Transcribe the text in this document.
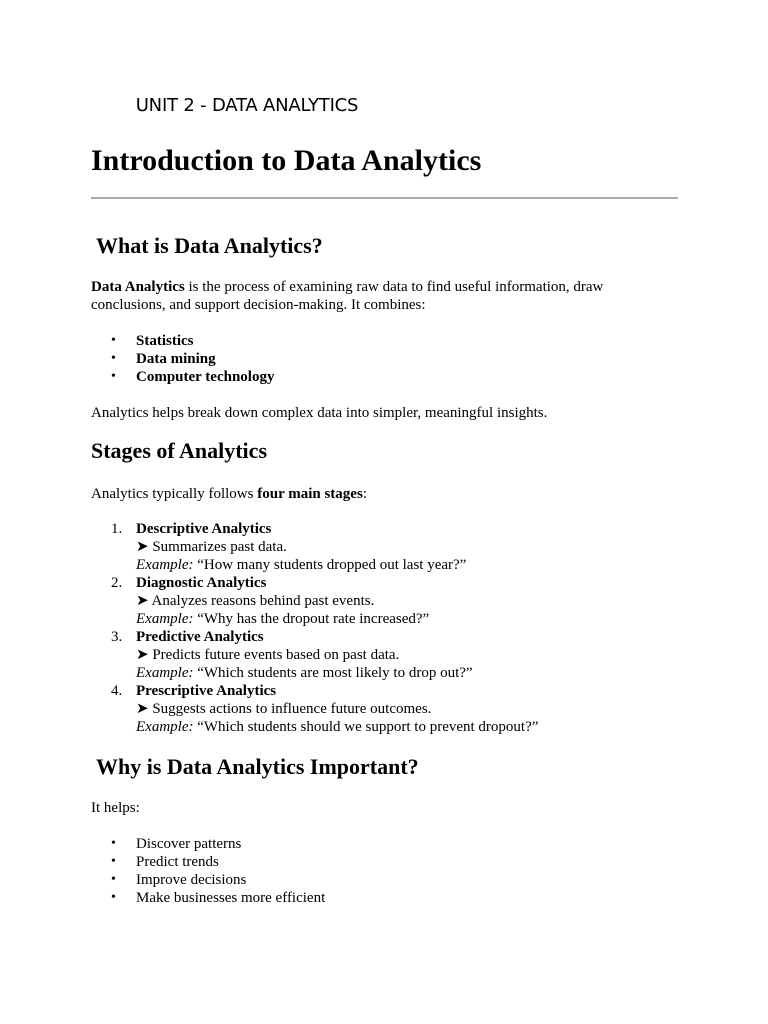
UNIT 2 - DATA ANALYTICS
Introduction to Data Analytics
What is Data Analytics?

Data Analytics is the process of examining raw data to find useful information, draw
conclusions, and support decision-making. It combines:

• Statistics
• Data mining
• Computer technology

Analytics helps break down complex data into simpler, meaningful insights.

Stages of Analytics

Analytics typically follows four main stages:

1. Descriptive Analytics
➤ Summarizes past data.
Example: “How many students dropped out last year?”
2. Diagnostic Analytics
➤ Analyzes reasons behind past events.
Example: “Why has the dropout rate increased?”
3. Predictive Analytics
➤ Predicts future events based on past data.
Example: “Which students are most likely to drop out?”
4. Prescriptive Analytics
➤ Suggests actions to influence future outcomes.
Example: “Which students should we support to prevent dropout?”
Why is Data Analytics Important?

It helps:

• Discover patterns
• Predict trends
• Improve decisions
• Make businesses more efficient
